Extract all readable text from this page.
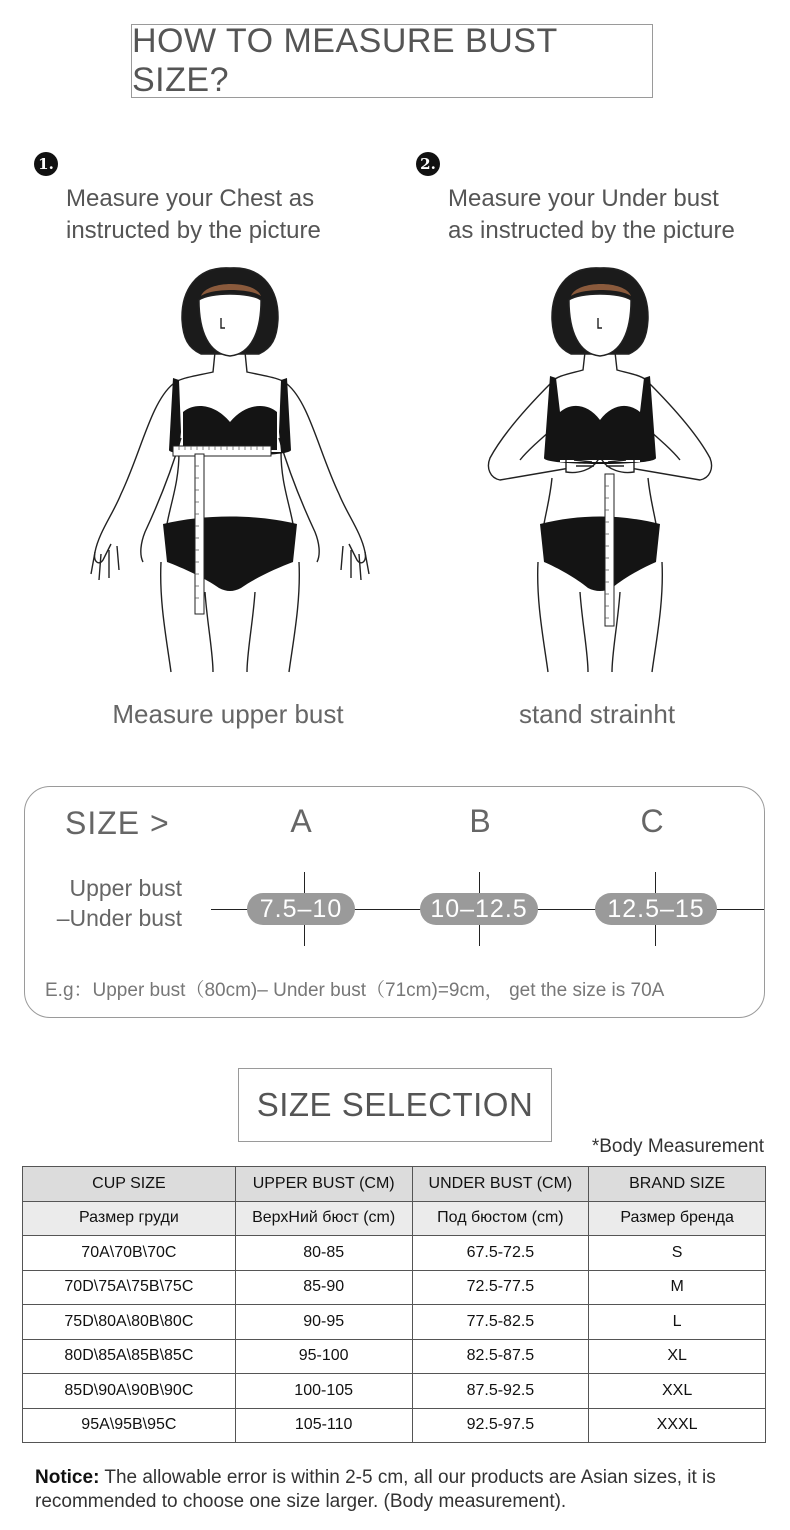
HOW TO MEASURE BUST SIZE?
1.
Measure your Chest as
instructed by the picture
2.
Measure your Under bust
as instructed by the picture
Measure upper bust	stand strainht
SIZE >	A	B	C
Upper bust
–Under bust	7.5–10	10–12.5	12.5–15
E.g：Upper bust（80cm)– Under bust（71cm)=9cm， get the size is 70A
SIZE SELECTION
*Body Measurement
CUP SIZE	UPPER BUST (CM)	UNDER BUST (CM)	BRAND SIZE
Размер груди	ВерхНий бюст (cm)	Под бюстом (cm)	Размер бренда
70A\70B\70C	80-85	67.5-72.5	S
70D\75A\75B\75C	85-90	72.5-77.5	M
75D\80A\80B\80C	90-95	77.5-82.5	L
80D\85A\85B\85C	95-100	82.5-87.5	XL
85D\90A\90B\90C	100-105	87.5-92.5	XXL
95A\95B\95C	105-110	92.5-97.5	XXXL
Notice: The allowable error is within 2-5 cm, all our products are Asian sizes, it is recommended to choose one size larger. (Body measurement).
